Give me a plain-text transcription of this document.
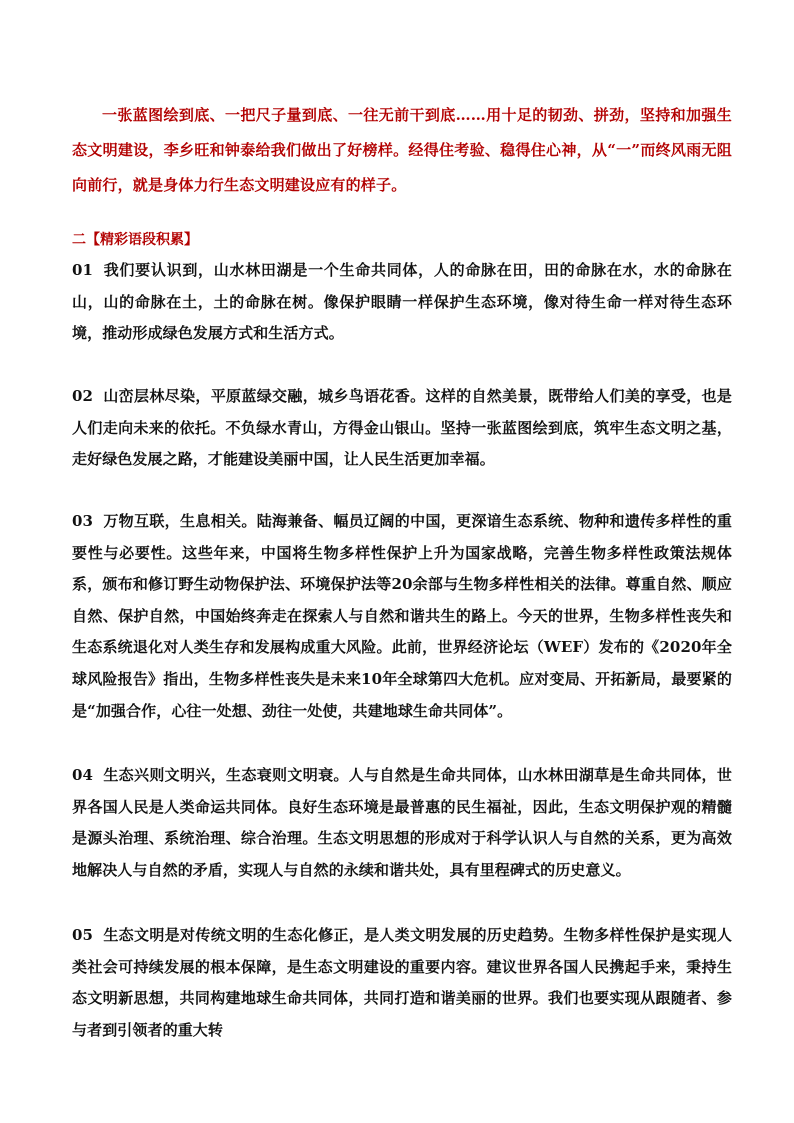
一张蓝图绘到底、一把尺子量到底、一往无前干到底……用十足的韧劲、拼劲，坚持和加强生态文明建设，李乡旺和钟泰给我们做出了好榜样。经得住考验、稳得住心神，从“一”而终风雨无阻向前行，就是身体力行生态文明建设应有的样子。
二【精彩语段积累】
01 我们要认识到，山水林田湖是一个生命共同体，人的命脉在田，田的命脉在水，水的命脉在山，山的命脉在土，土的命脉在树。像保护眼睛一样保护生态环境，像对待生命一样对待生态环境，推动形成绿色发展方式和生活方式。
02 山峦层林尽染，平原蓝绿交融，城乡鸟语花香。这样的自然美景，既带给人们美的享受，也是人们走向未来的依托。不负绿水青山，方得金山银山。坚持一张蓝图绘到底，筑牢生态文明之基，走好绿色发展之路，才能建设美丽中国，让人民生活更加幸福。
03 万物互联，生息相关。陆海兼备、幅员辽阔的中国，更深谙生态系统、物种和遗传多样性的重要性与必要性。这些年来，中国将生物多样性保护上升为国家战略，完善生物多样性政策法规体系，颁布和修订野生动物保护法、环境保护法等20余部与生物多样性相关的法律。尊重自然、顺应自然、保护自然，中国始终奔走在探索人与自然和谐共生的路上。今天的世界，生物多样性丧失和生态系统退化对人类生存和发展构成重大风险。此前，世界经济论坛（WEF）发布的《2020年全球风险报告》指出，生物多样性丧失是未来10年全球第四大危机。应对变局、开拓新局，最要紧的是“加强合作，心往一处想、劲往一处使，共建地球生命共同体”。
04 生态兴则文明兴，生态衰则文明衰。人与自然是生命共同体，山水林田湖草是生命共同体，世界各国人民是人类命运共同体。良好生态环境是最普惠的民生福祉，因此，生态文明保护观的精髓是源头治理、系统治理、综合治理。生态文明思想的形成对于科学认识人与自然的关系，更为高效地解决人与自然的矛盾，实现人与自然的永续和谐共处，具有里程碑式的历史意义。
05 生态文明是对传统文明的生态化修正，是人类文明发展的历史趋势。生物多样性保护是实现人类社会可持续发展的根本保障，是生态文明建设的重要内容。建议世界各国人民携起手来，秉持生态文明新思想，共同构建地球生命共同体，共同打造和谐美丽的世界。我们也要实现从跟随者、参与者到引领者的重大转
